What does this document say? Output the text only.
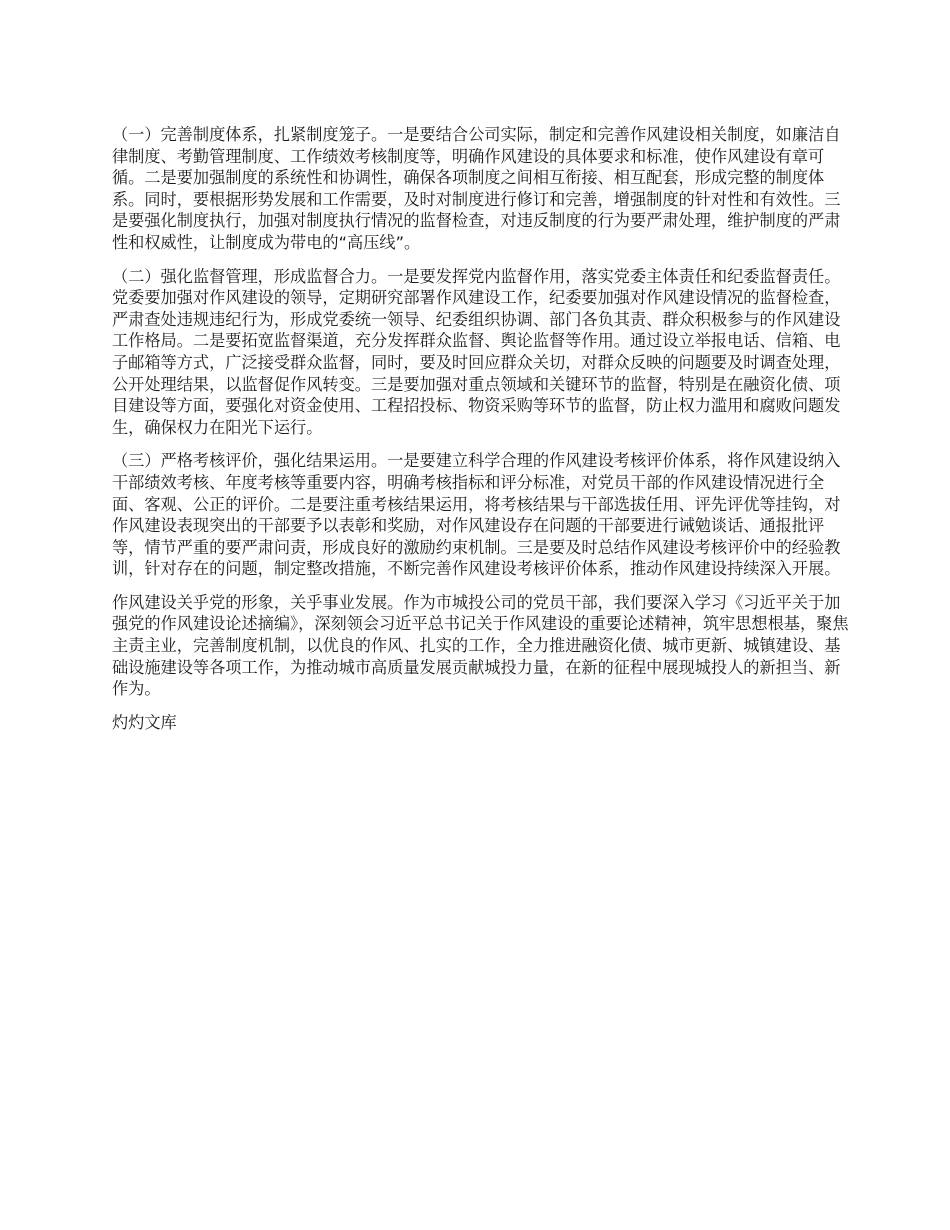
（一）完善制度体系，扎紧制度笼子。一是要结合公司实际，制定和完善作风建设相关制度，如廉洁自律制度、考勤管理制度、工作绩效考核制度等，明确作风建设的具体要求和标准，使作风建设有章可循。二是要加强制度的系统性和协调性，确保各项制度之间相互衔接、相互配套，形成完整的制度体系。同时，要根据形势发展和工作需要，及时对制度进行修订和完善，增强制度的针对性和有效性。三是要强化制度执行，加强对制度执行情况的监督检查，对违反制度的行为要严肃处理，维护制度的严肃性和权威性，让制度成为带电的“高压线”。

（二）强化监督管理，形成监督合力。一是要发挥党内监督作用，落实党委主体责任和纪委监督责任。党委要加强对作风建设的领导，定期研究部署作风建设工作，纪委要加强对作风建设情况的监督检查，严肃查处违规违纪行为，形成党委统一领导、纪委组织协调、部门各负其责、群众积极参与的作风建设工作格局。二是要拓宽监督渠道，充分发挥群众监督、舆论监督等作用。通过设立举报电话、信箱、电子邮箱等方式，广泛接受群众监督，同时，要及时回应群众关切，对群众反映的问题要及时调查处理，公开处理结果，以监督促作风转变。三是要加强对重点领域和关键环节的监督，特别是在融资化债、项目建设等方面，要强化对资金使用、工程招投标、物资采购等环节的监督，防止权力滥用和腐败问题发生，确保权力在阳光下运行。

（三）严格考核评价，强化结果运用。一是要建立科学合理的作风建设考核评价体系，将作风建设纳入干部绩效考核、年度考核等重要内容，明确考核指标和评分标准，对党员干部的作风建设情况进行全面、客观、公正的评价。二是要注重考核结果运用，将考核结果与干部选拔任用、评先评优等挂钩，对作风建设表现突出的干部要予以表彰和奖励，对作风建设存在问题的干部要进行诫勉谈话、通报批评等，情节严重的要严肃问责，形成良好的激励约束机制。三是要及时总结作风建设考核评价中的经验教训，针对存在的问题，制定整改措施，不断完善作风建设考核评价体系，推动作风建设持续深入开展。

作风建设关乎党的形象，关乎事业发展。作为市城投公司的党员干部，我们要深入学习《习近平关于加强党的作风建设论述摘编》，深刻领会习近平总书记关于作风建设的重要论述精神，筑牢思想根基，聚焦主责主业，完善制度机制，以优良的作风、扎实的工作，全力推进融资化债、城市更新、城镇建设、基础设施建设等各项工作，为推动城市高质量发展贡献城投力量，在新的征程中展现城投人的新担当、新作为。

灼灼文库
